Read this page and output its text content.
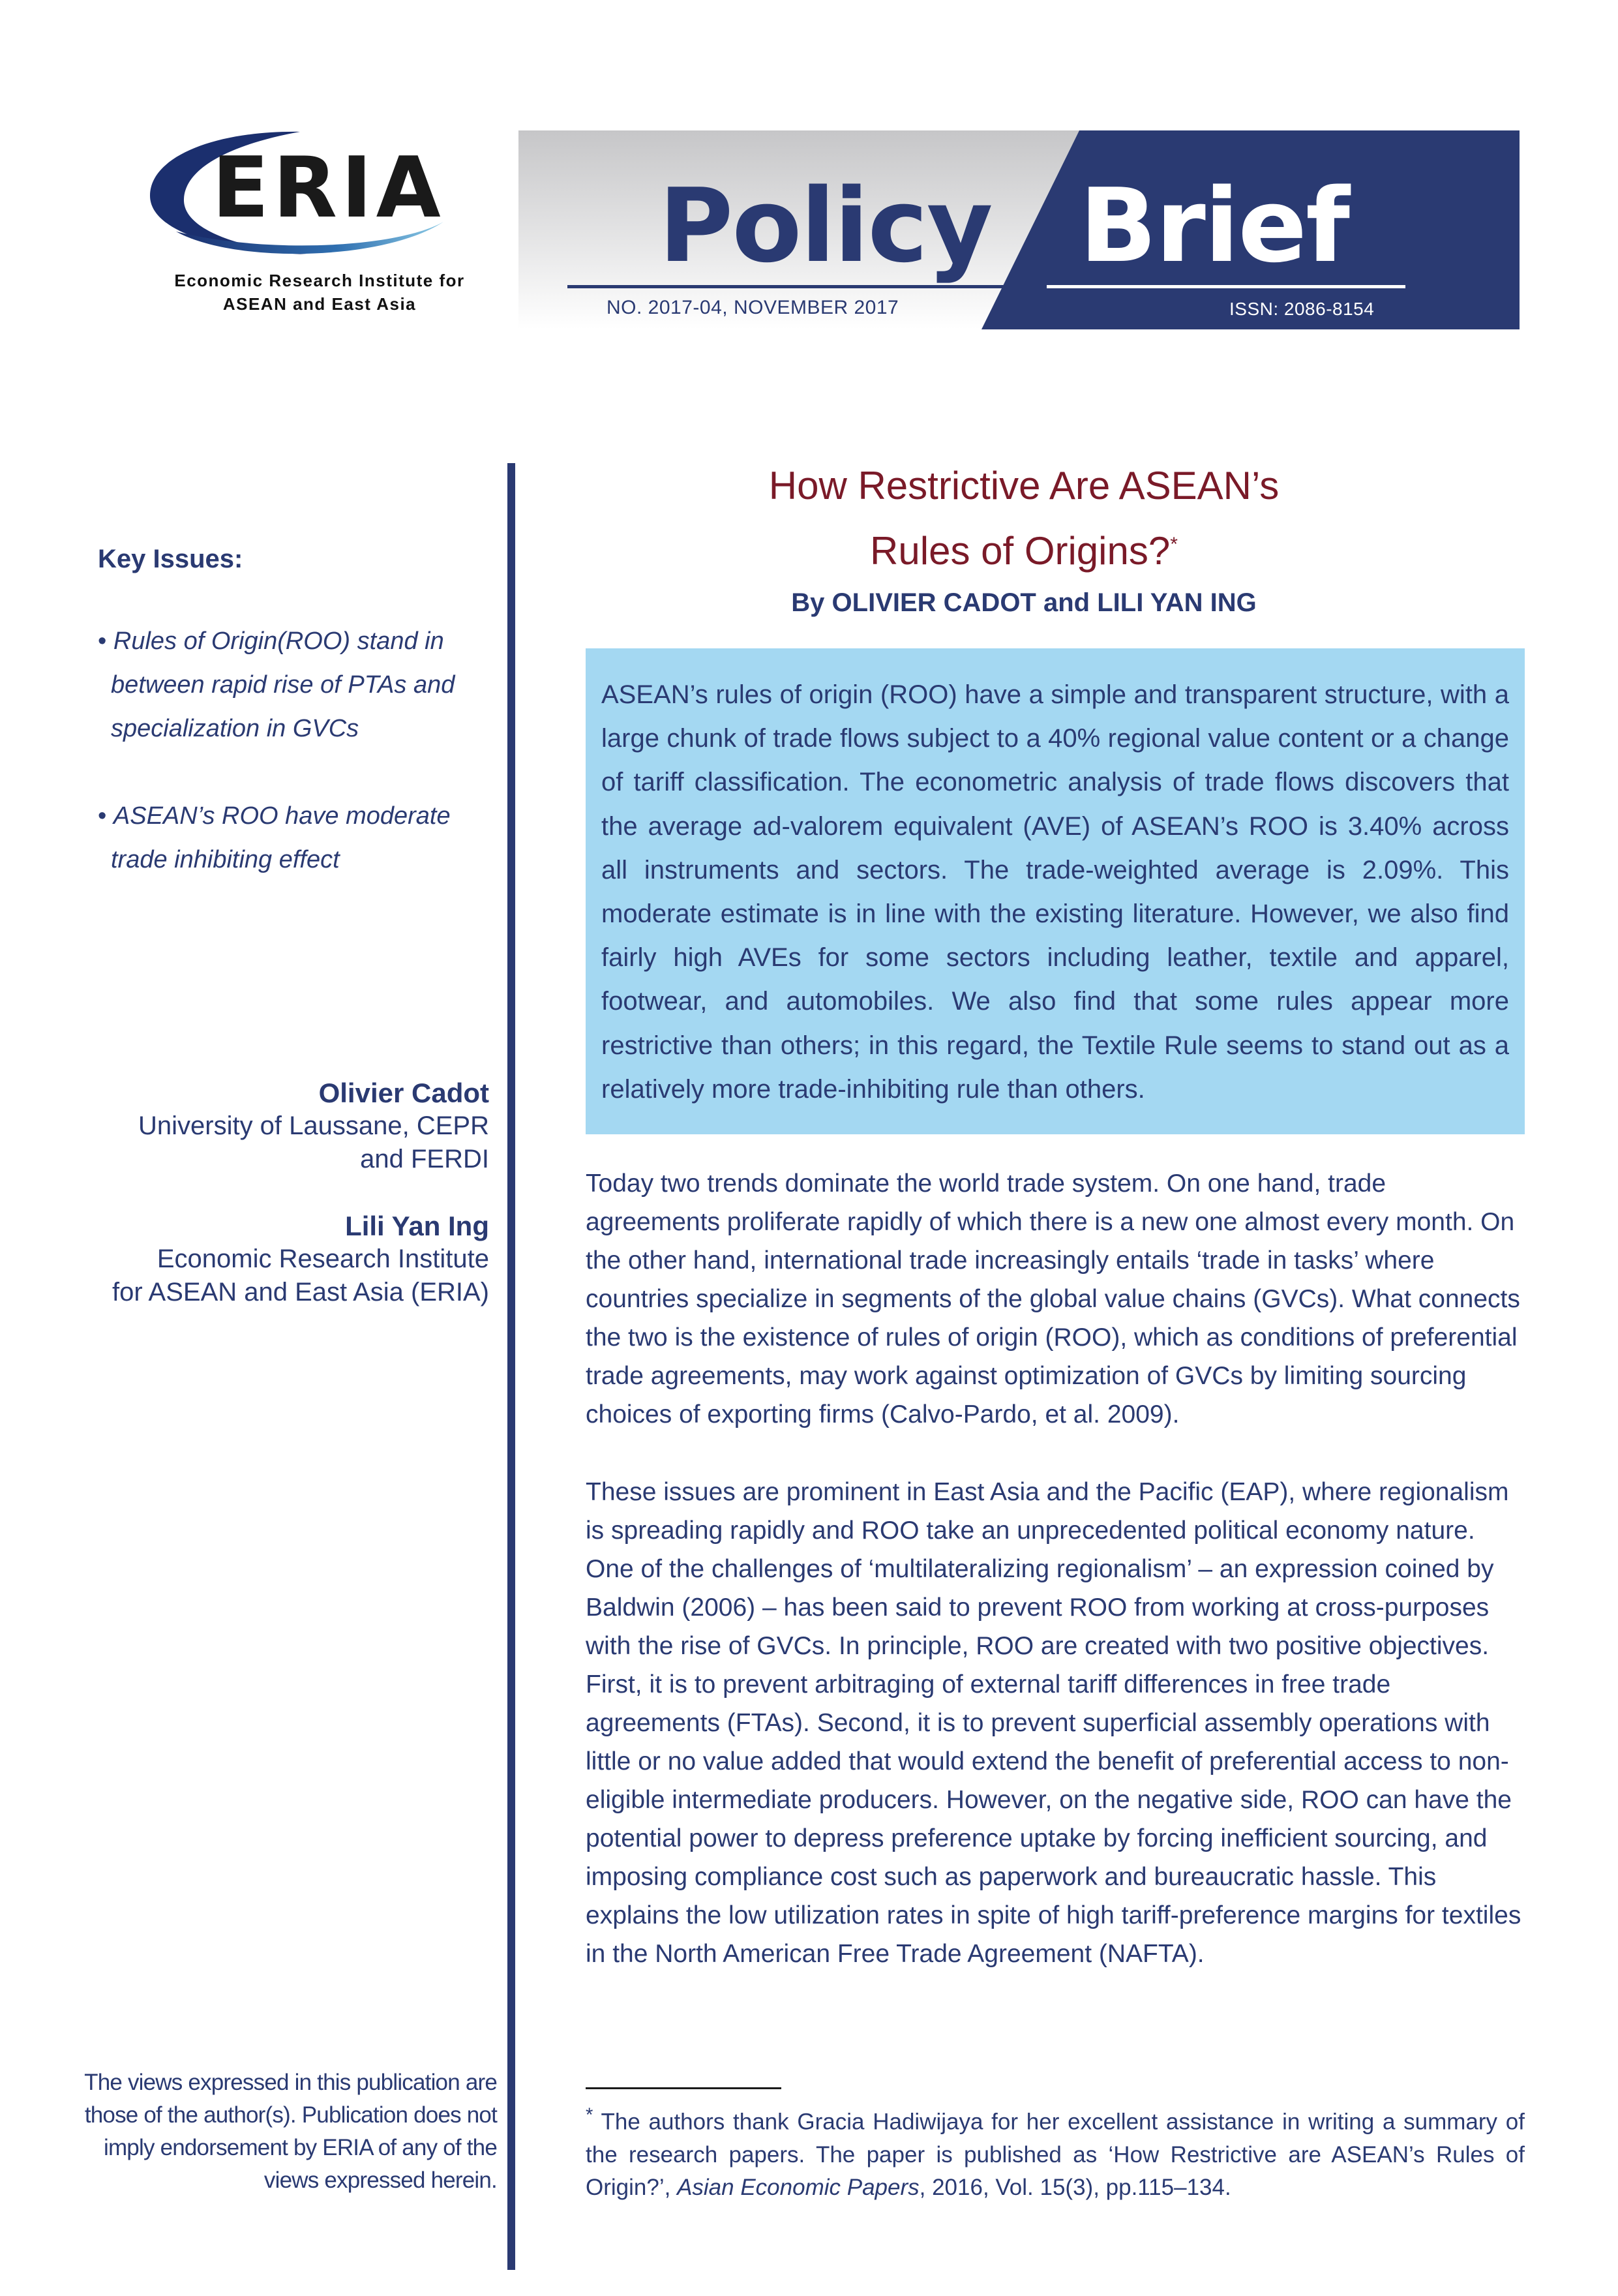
ERIA
Economic Research Institute for
ASEAN and East Asia
Policy Brief
NO. 2017-04, NOVEMBER 2017	ISSN: 2086-8154
Key Issues:
• Rules of Origin(ROO) stand in between rapid rise of PTAs and specialization in GVCs
• ASEAN’s ROO have moderate trade inhibiting effect
Olivier Cadot
University of Laussane, CEPR
and FERDI
Lili Yan Ing
Economic Research Institute
for ASEAN and East Asia (ERIA)
The views expressed in this publication are those of the author(s). Publication does not imply endorsement by ERIA of any of the views expressed herein.
How Restrictive Are ASEAN’s
Rules of Origins?*
By OLIVIER CADOT and LILI YAN ING

ASEAN’s rules of origin (ROO) have a simple and transparent structure, with a large chunk of trade flows subject to a 40% regional value content or a change of tariff classification. The econometric analysis of trade flows discovers that the average ad-valorem equivalent (AVE) of ASEAN’s ROO is 3.40% across all instruments and sectors. The trade-weighted average is 2.09%. This moderate estimate is in line with the existing literature. However, we also find fairly high AVEs for some sectors including leather, textile and apparel, footwear, and automobiles. We also find that some rules appear more restrictive than others; in this regard, the Textile Rule seems to stand out as a relatively more trade-inhibiting rule than others.

Today two trends dominate the world trade system. On one hand, trade agreements proliferate rapidly of which there is a new one almost every month. On the other hand, international trade increasingly entails ‘trade in tasks’ where countries specialize in segments of the global value chains (GVCs). What connects the two is the existence of rules of origin (ROO), which as conditions of preferential trade agreements, may work against optimization of GVCs by limiting sourcing choices of exporting firms (Calvo-Pardo, et al. 2009).

These issues are prominent in East Asia and the Pacific (EAP), where regionalism is spreading rapidly and ROO take an unprecedented political economy nature. One of the challenges of ‘multilateralizing regionalism’ – an expression coined by Baldwin (2006) – has been said to prevent ROO from working at cross-purposes with the rise of GVCs. In principle, ROO are created with two positive objectives. First, it is to prevent arbitraging of external tariff differences in free trade agreements (FTAs). Second, it is to prevent superficial assembly operations with little or no value added that would extend the benefit of preferential access to non-eligible intermediate producers. However, on the negative side, ROO can have the potential power to depress preference uptake by forcing inefficient sourcing, and imposing compliance cost such as paperwork and bureaucratic hassle. This explains the low utilization rates in spite of high tariff-preference margins for textiles in the North American Free Trade Agreement (NAFTA).

* The authors thank Gracia Hadiwijaya for her excellent assistance in writing a summary of the research papers. The paper is published as ‘How Restrictive are ASEAN’s Rules of Origin?’, Asian Economic Papers, 2016, Vol. 15(3), pp.115–134.
